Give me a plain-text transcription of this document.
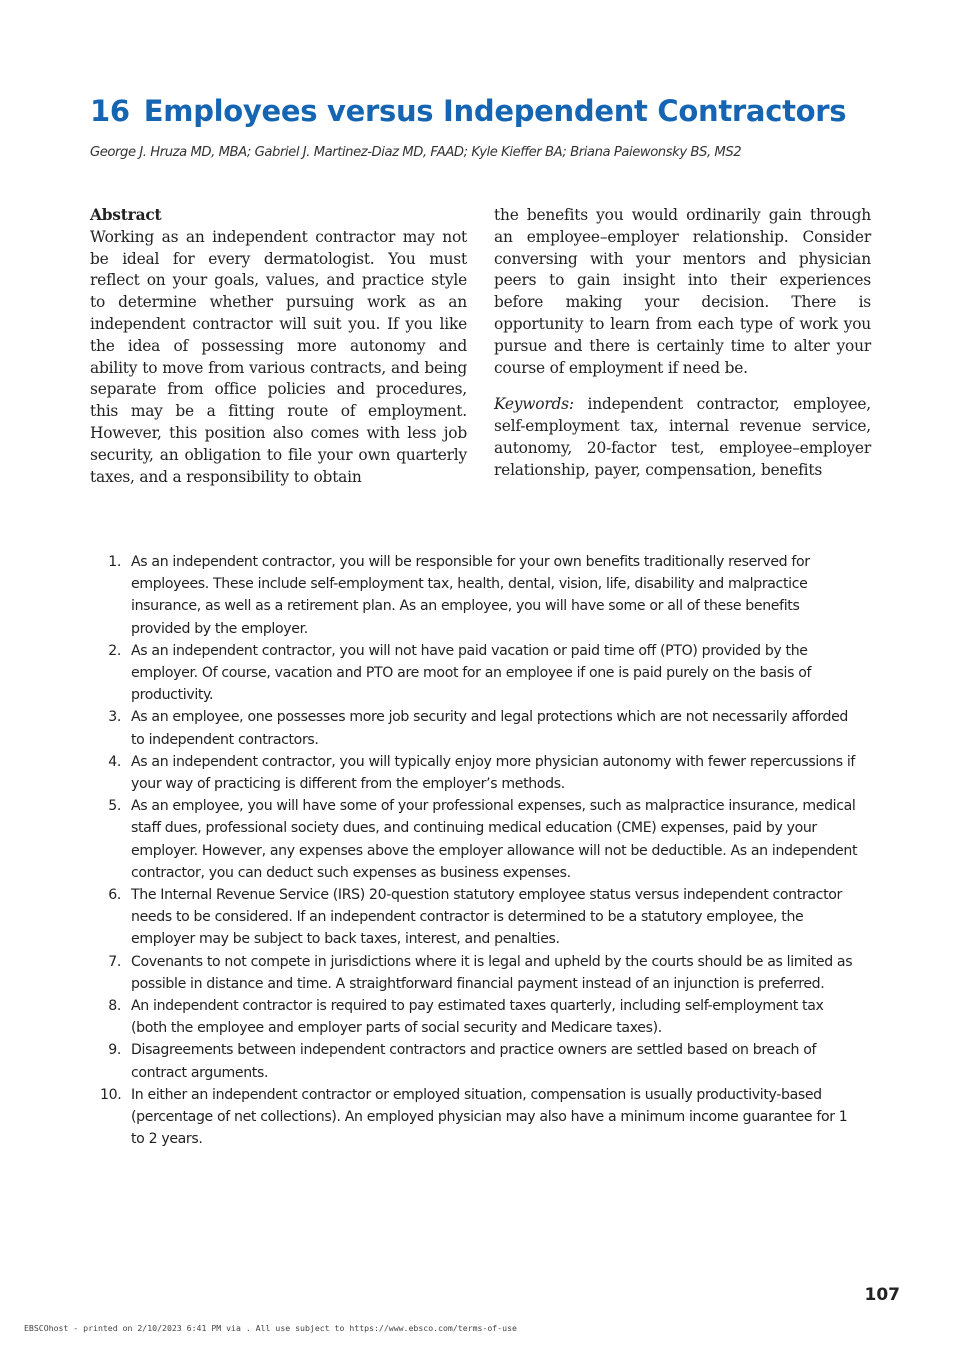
16 Employees versus Independent Contractors
George J. Hruza MD, MBA; Gabriel J. Martinez-Diaz MD, FAAD; Kyle Kieffer BA; Briana Paiewonsky BS, MS2
Abstract

Working as an independent contractor may not be ideal for every dermatologist. You must reflect on your goals, values, and practice style to determine whether pursuing work as an independent contractor will suit you. If you like the idea of possessing more autonomy and ability to move from various contracts, and being separate from office policies and procedures, this may be a fitting route of employment. However, this position also comes with less job security, an obligation to file your own quarterly taxes, and a responsibility to obtain

the benefits you would ordinarily gain through an employee–employer relationship. Consider conversing with your mentors and physician peers to gain insight into their experiences before making your decision. There is opportunity to learn from each type of work you pursue and there is certainly time to alter your course of employment if need be.

Keywords: independent contractor, employee, self-employment tax, internal revenue service, autonomy, 20-factor test, employee–employer relationship, payer, compensation, benefits

1. As an independent contractor, you will be responsible for your own benefits traditionally reserved for employees. These include self-employment tax, health, dental, vision, life, disability and malpractice insurance, as well as a retirement plan. As an employee, you will have some or all of these benefits provided by the employer.
2. As an independent contractor, you will not have paid vacation or paid time off (PTO) provided by the employer. Of course, vacation and PTO are moot for an employee if one is paid purely on the basis of productivity.
3. As an employee, one possesses more job security and legal protections which are not necessarily afforded to independent contractors.
4. As an independent contractor, you will typically enjoy more physician autonomy with fewer repercussions if your way of practicing is different from the employer’s methods.
5. As an employee, you will have some of your professional expenses, such as malpractice insurance, medical staff dues, professional society dues, and continuing medical education (CME) expenses, paid by your employer. However, any expenses above the employer allowance will not be deductible. As an independent contractor, you can deduct such expenses as business expenses.
6. The Internal Revenue Service (IRS) 20-question statutory employee status versus independent contractor needs to be considered. If an independent contractor is determined to be a statutory employee, the employer may be subject to back taxes, interest, and penalties.
7. Covenants to not compete in jurisdictions where it is legal and upheld by the courts should be as limited as possible in distance and time. A straightforward financial payment instead of an injunction is preferred.
8. An independent contractor is required to pay estimated taxes quarterly, including self-employment tax (both the employee and employer parts of social security and Medicare taxes).
9. Disagreements between independent contractors and practice owners are settled based on breach of contract arguments.
10. In either an independent contractor or employed situation, compensation is usually productivity-based (percentage of net collections). An employed physician may also have a minimum income guarantee for 1 to 2 years.
107
EBSCOhost - printed on 2/10/2023 6:41 PM via . All use subject to https://www.ebsco.com/terms-of-use
